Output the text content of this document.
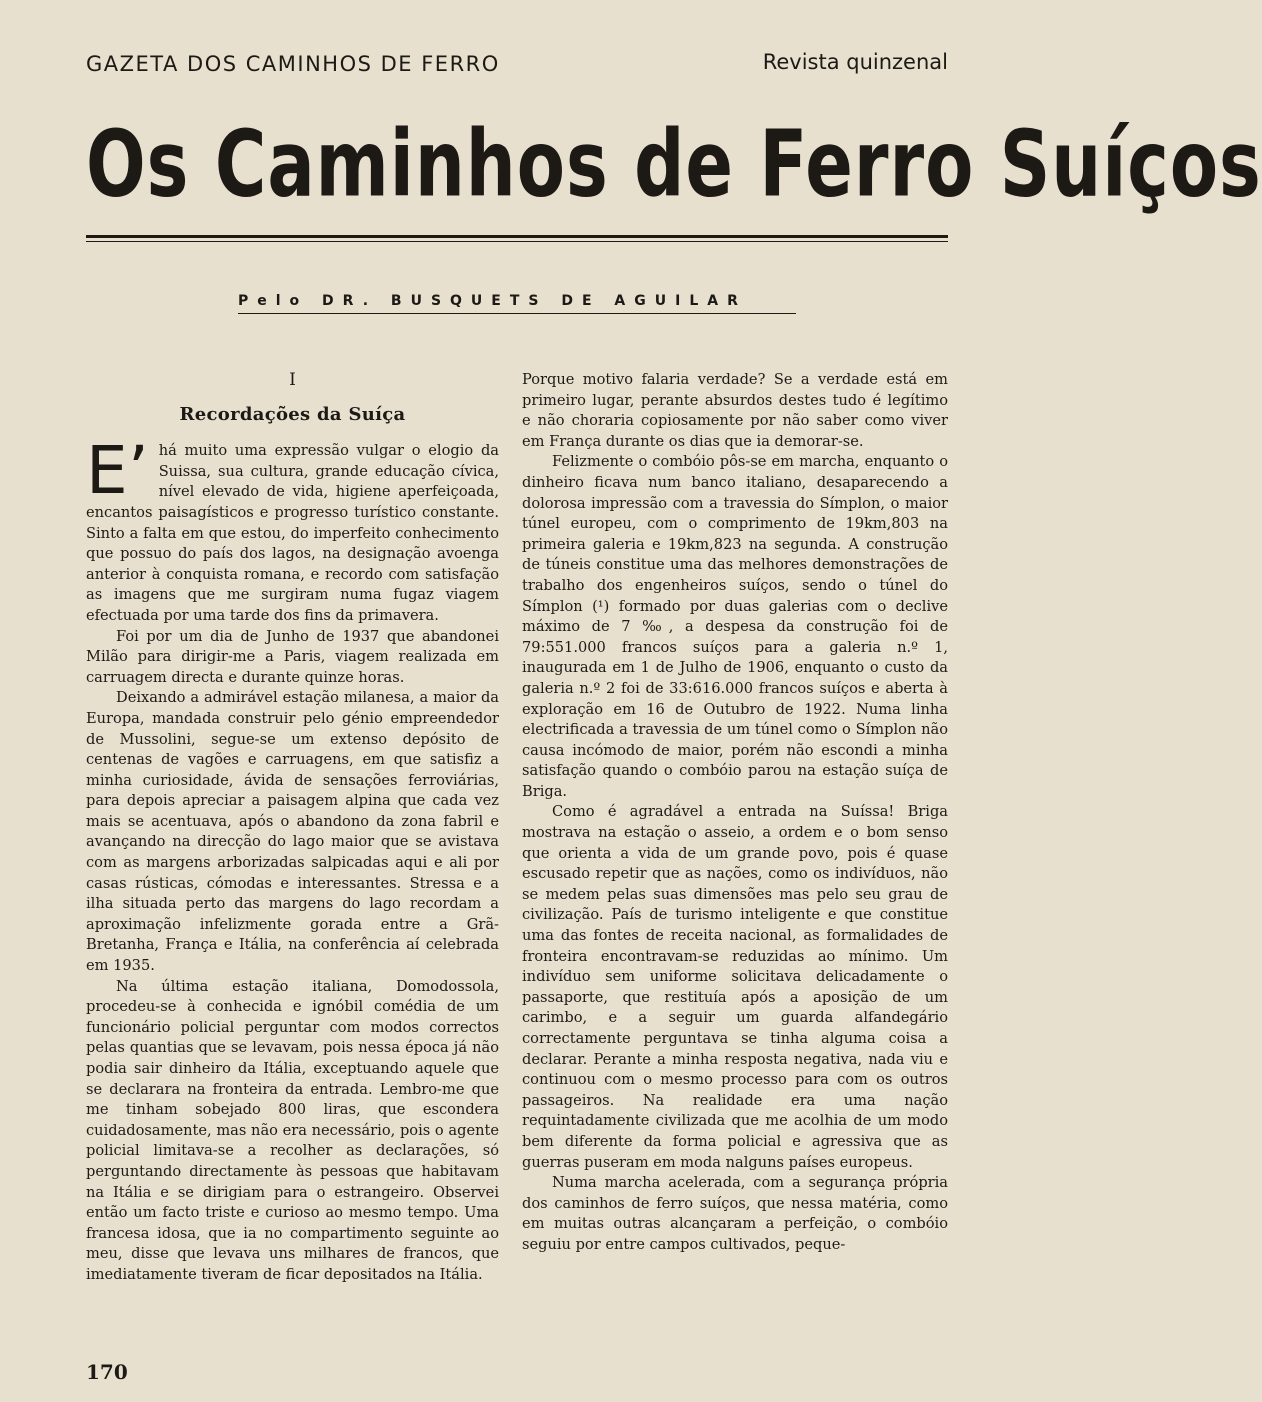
GAZETA DOS CAMINHOS DE FERRO	Revista quinzenal
Os Caminhos de Ferro Suíços
Pelo DR. BUSQUETS DE AGUILAR
I
Recordações da Suíça

E’ há muito uma expressão vulgar o elogio da Suissa, sua cultura, grande educação cívica, nível elevado de vida, higiene aperfeiçoada, encantos paisagísticos e progresso turístico constante. Sinto a falta em que estou, do imperfeito conhecimento que possuo do país dos lagos, na designação avoenga anterior à conquista romana, e recordo com satisfação as imagens que me surgiram numa fugaz viagem efectuada por uma tarde dos fins da primavera.

Foi por um dia de Junho de 1937 que abandonei Milão para dirigir-me a Paris, viagem realizada em carruagem directa e durante quinze horas.

Deixando a admirável estação milanesa, a maior da Europa, mandada construir pelo génio empreendedor de Mussolini, segue-se um extenso depósito de centenas de vagões e carruagens, em que satisfiz a minha curiosidade, ávida de sensações ferroviárias, para depois apreciar a paisagem alpina que cada vez mais se acentuava, após o abandono da zona fabril e avançando na direcção do lago maior que se avistava com as margens arborizadas salpicadas aqui e ali por casas rústicas, cómodas e interessantes. Stressa e a ilha situada perto das margens do lago recordam a aproximação infelizmente gorada entre a Grã-Bretanha, França e Itália, na conferência aí celebrada em 1935.

Na última estação italiana, Domodossola, procedeu-se à conhecida e ignóbil comédia de um funcionário policial perguntar com modos correctos pelas quantias que se levavam, pois nessa época já não podia sair dinheiro da Itália, exceptuando aquele que se declarara na fronteira da entrada. Lembro-me que me tinham sobejado 800 liras, que escondera cuidadosamente, mas não era necessário, pois o agente policial limitava-se a recolher as declarações, só perguntando directamente às pessoas que habitavam na Itália e se dirigiam para o estrangeiro. Observei então um facto triste e curioso ao mesmo tempo. Uma francesa idosa, que ia no compartimento seguinte ao meu, disse que levava uns milhares de francos, que imediatamente tiveram de ficar depositados na Itália.

Porque motivo falaria verdade? Se a verdade está em primeiro lugar, perante absurdos destes tudo é legítimo e não choraria copiosamente por não saber como viver em França durante os dias que ia demorar-se.

Felizmente o combóio pôs-se em marcha, enquanto o dinheiro ficava num banco italiano, desaparecendo a dolorosa impressão com a travessia do Símplon, o maior túnel europeu, com o comprimento de 19km,803 na primeira galeria e 19km,823 na segunda. A construção de túneis constitue uma das melhores demonstrações de trabalho dos engenheiros suíços, sendo o túnel do Símplon (¹) formado por duas galerias com o declive máximo de 7 ‰, a despesa da construção foi de 79:551.000 francos suíços para a galeria n.º 1, inaugurada em 1 de Julho de 1906, enquanto o custo da galeria n.º 2 foi de 33:616.000 francos suíços e aberta à exploração em 16 de Outubro de 1922. Numa linha electrificada a travessia de um túnel como o Símplon não causa incómodo de maior, porém não escondi a minha satisfação quando o combóio parou na estação suíça de Briga.

Como é agradável a entrada na Suíssa! Briga mostrava na estação o asseio, a ordem e o bom senso que orienta a vida de um grande povo, pois é quase escusado repetir que as nações, como os indivíduos, não se medem pelas suas dimensões mas pelo seu grau de civilização. País de turismo inteligente e que constitue uma das fontes de receita nacional, as formalidades de fronteira encontravam-se reduzidas ao mínimo. Um indivíduo sem uniforme solicitava delicadamente o passaporte, que restituía após a aposição de um carimbo, e a seguir um guarda alfandegário correctamente perguntava se tinha alguma coisa a declarar. Perante a minha resposta negativa, nada viu e continuou com o mesmo processo para com os outros passageiros. Na realidade era uma nação requintadamente civilizada que me acolhia de um modo bem diferente da forma policial e agressiva que as guerras puseram em moda nalguns países europeus.

Numa marcha acelerada, com a segurança própria dos caminhos de ferro suíços, que nessa matéria, como em muitas outras alcançaram a perfeição, o combóio seguiu por entre campos cultivados, peque-

170
